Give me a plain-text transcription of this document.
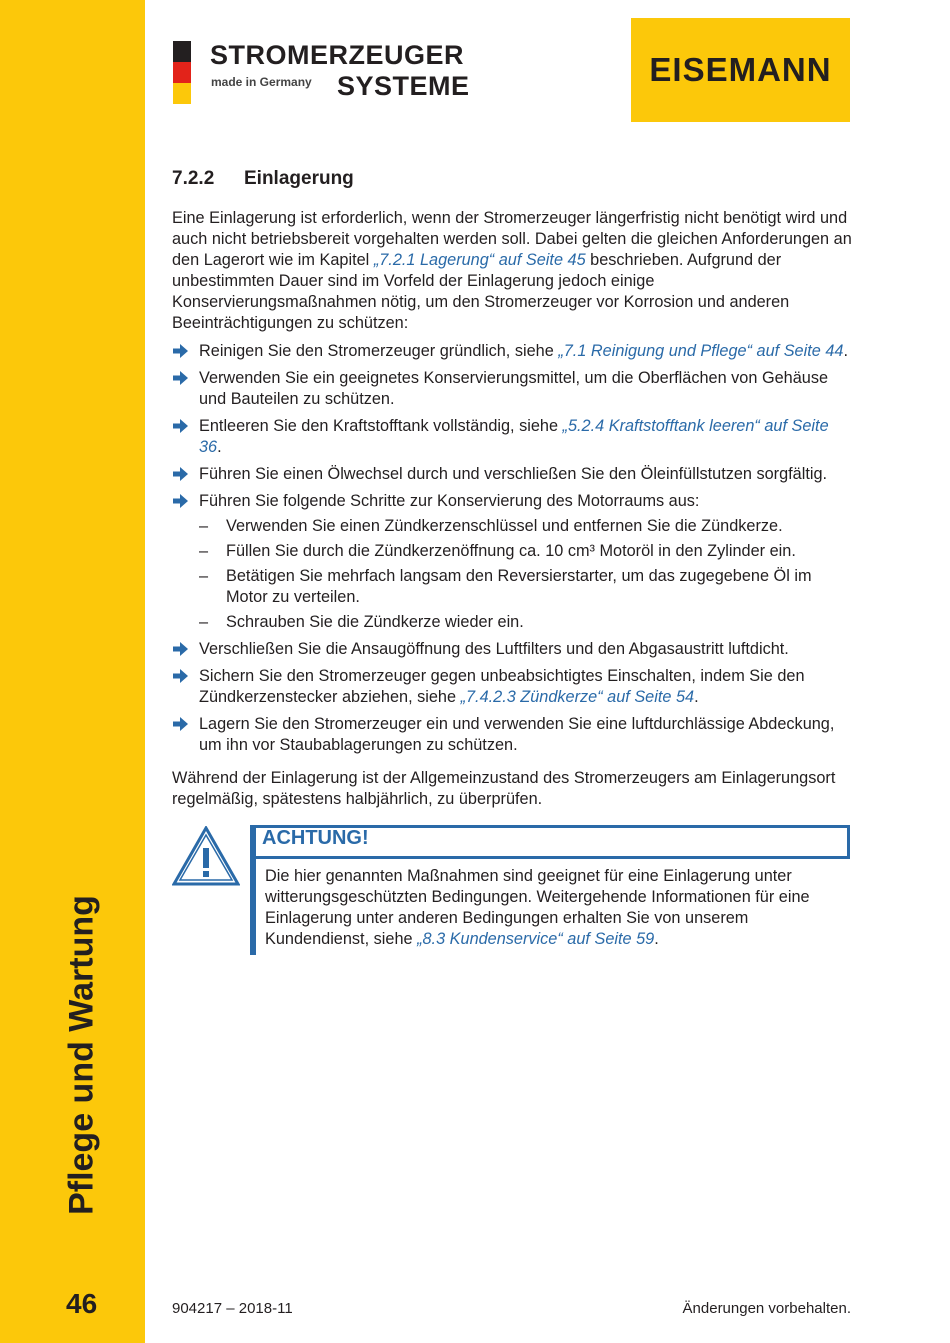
Pflege und Wartung
46
STROMERZEUGER
made in Germany SYSTEME	EISEMANN
7.2.2	Einlagerung

Eine Einlagerung ist erforderlich, wenn der Stromerzeuger längerfristig nicht benötigt wird und auch nicht betriebsbereit vorgehalten werden soll. Dabei gelten die gleichen Anforderungen an den Lagerort wie im Kapitel „7.2.1 Lagerung“ auf Seite 45 beschrieben. Aufgrund der unbestimmten Dauer sind im Vorfeld der Einlagerung jedoch einige Konservierungsmaßnahmen nötig, um den Stromerzeuger vor Korrosion und anderen Beeinträchtigungen zu schützen:

Reinigen Sie den Stromerzeuger gründlich, siehe „7.1 Reinigung und Pflege“ auf Seite 44.
Verwenden Sie ein geeignetes Konservierungsmittel, um die Oberflächen von Gehäuse und Bauteilen zu schützen.
Entleeren Sie den Kraftstofftank vollständig, siehe „5.2.4 Kraftstofftank leeren“ auf Seite 36.
Führen Sie einen Ölwechsel durch und verschließen Sie den Öleinfüllstutzen sorgfältig.
Führen Sie folgende Schritte zur Konservierung des Motorraums aus:
– Verwenden Sie einen Zündkerzenschlüssel und entfernen Sie die Zündkerze.
– Füllen Sie durch die Zündkerzenöffnung ca. 10 cm³ Motoröl in den Zylinder ein.
– Betätigen Sie mehrfach langsam den Reversierstarter, um das zugegebene Öl im Motor zu verteilen.
– Schrauben Sie die Zündkerze wieder ein.
Verschließen Sie die Ansaugöffnung des Luftfilters und den Abgasaustritt luftdicht.
Sichern Sie den Stromerzeuger gegen unbeabsichtigtes Einschalten, indem Sie den Zündkerzenstecker abziehen, siehe „7.4.2.3 Zündkerze“ auf Seite 54.
Lagern Sie den Stromerzeuger ein und verwenden Sie eine luftdurchlässige Abdeckung, um ihn vor Staubablagerungen zu schützen.

Während der Einlagerung ist der Allgemeinzustand des Stromerzeugers am Einlagerungsort regelmäßig, spätestens halbjährlich, zu überprüfen.

ACHTUNG!
Die hier genannten Maßnahmen sind geeignet für eine Einlagerung unter witterungsgeschützten Bedingungen. Weitergehende Informationen für eine Einlagerung unter anderen Bedingungen erhalten Sie von unserem Kundendienst, siehe „8.3 Kundenservice“ auf Seite 59.
904217 – 2018-11	Änderungen vorbehalten.
